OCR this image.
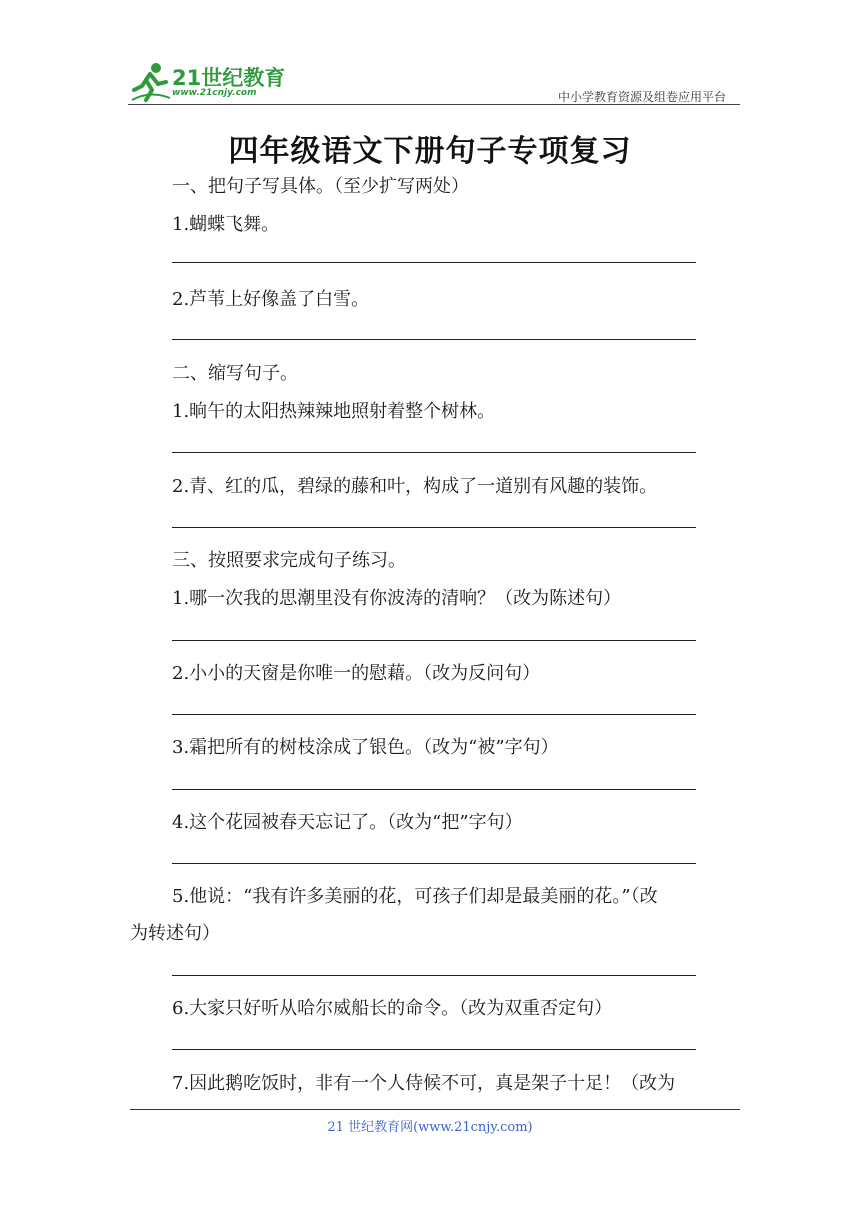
21世纪教育
www.21cnjy.com	中小学教育资源及组卷应用平台
四年级语文下册句子专项复习
一、把句子写具体。（至少扩写两处）
1.蝴蝶飞舞。
2.芦苇上好像盖了白雪。
二、缩写句子。
1.晌午的太阳热辣辣地照射着整个树林。
2.青、红的瓜，碧绿的藤和叶，构成了一道别有风趣的装饰。
三、按照要求完成句子练习。
1.哪一次我的思潮里没有你波涛的清响？（改为陈述句）
2.小小的天窗是你唯一的慰藉。（改为反问句）
3.霜把所有的树枝涂成了银色。（改为“被”字句）
4.这个花园被春天忘记了。（改为“把”字句）
5.他说：“我有许多美丽的花，可孩子们却是最美丽的花。”（改
为转述句）
6.大家只好听从哈尔威船长的命令。（改为双重否定句）
7.因此鹅吃饭时，非有一个人侍候不可，真是架子十足！（改为
21 世纪教育网(www.21cnjy.com)
